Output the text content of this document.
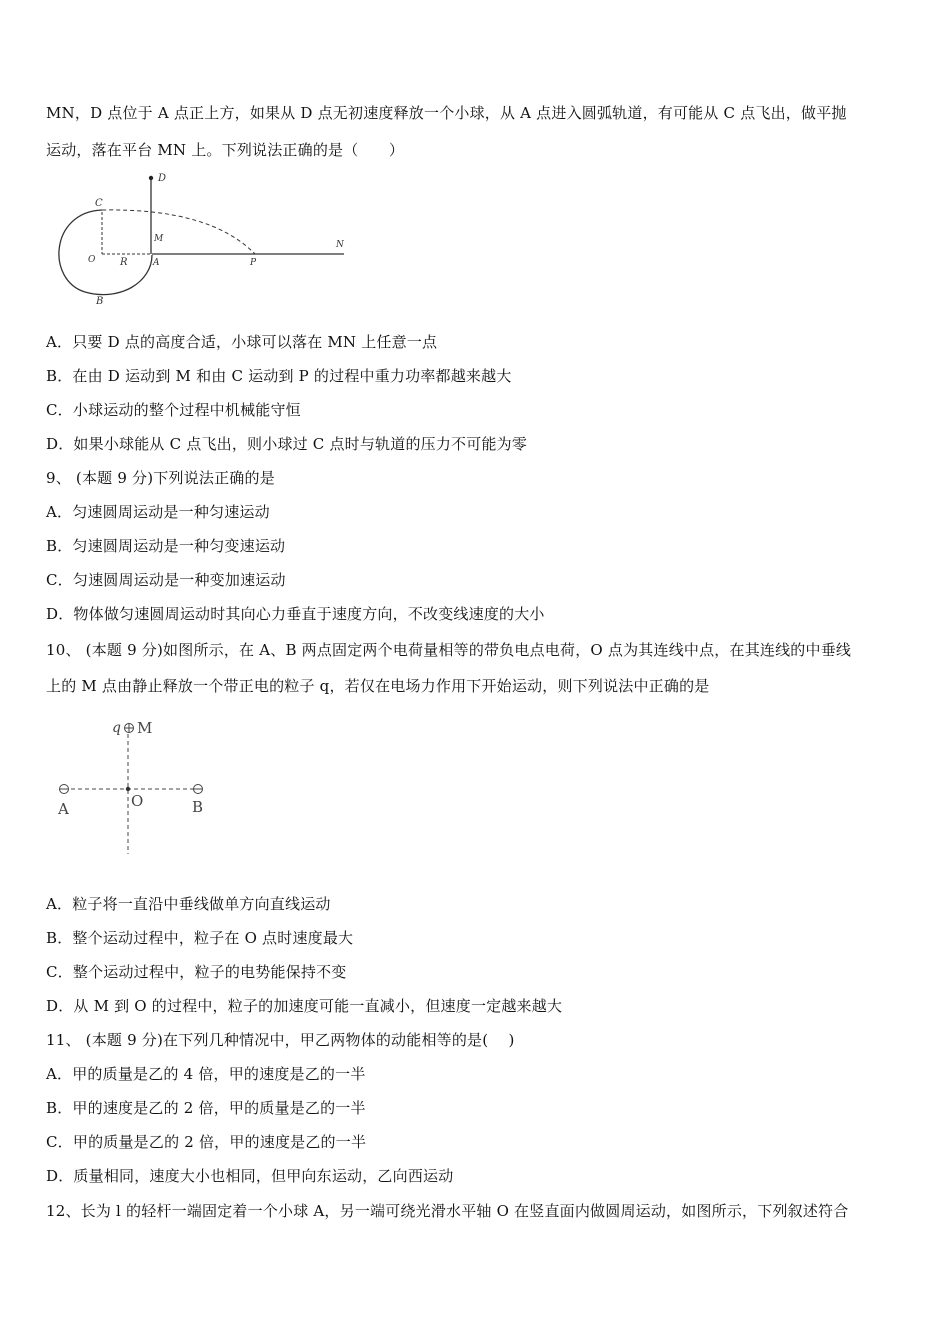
MN，D 点位于 A 点正上方，如果从 D 点无初速度释放一个小球，从 A 点进入圆弧轨道，有可能从 C 点飞出，做平抛
运动，落在平台 MN 上。下列说法正确的是（　　）
D
C
M
N
O R	A	P
B
A．只要 D 点的高度合适，小球可以落在 MN 上任意一点
B．在由 D 运动到 M 和由 C 运动到 P 的过程中重力功率都越来越大
C．小球运动的整个过程中机械能守恒
D．如果小球能从 C 点飞出，则小球过 C 点时与轨道的压力不可能为零
9、 (本题 9 分)下列说法正确的是
A．匀速圆周运动是一种匀速运动
B．匀速圆周运动是一种匀变速运动
C．匀速圆周运动是一种变加速运动
D．物体做匀速圆周运动时其向心力垂直于速度方向，不改变线速度的大小
10、 (本题 9 分)如图所示，在 A、B 两点固定两个电荷量相等的带负电点电荷，O 点为其连线中点，在其连线的中垂线
上的 M 点由静止释放一个带正电的粒子 q，若仅在电场力作用下开始运动，则下列说法中正确的是
q M
A	O	B
A．粒子将一直沿中垂线做单方向直线运动
B．整个运动过程中，粒子在 O 点时速度最大
C．整个运动过程中，粒子的电势能保持不变
D．从 M 到 O 的过程中，粒子的加速度可能一直减小，但速度一定越来越大
11、 (本题 9 分)在下列几种情况中，甲乙两物体的动能相等的是(　 )
A．甲的质量是乙的 4 倍，甲的速度是乙的一半
B．甲的速度是乙的 2 倍，甲的质量是乙的一半
C．甲的质量是乙的 2 倍，甲的速度是乙的一半
D．质量相同，速度大小也相同，但甲向东运动，乙向西运动
12、长为 l 的轻杆一端固定着一个小球 A，另一端可绕光滑水平轴 O 在竖直面内做圆周运动，如图所示，下列叙述符合
